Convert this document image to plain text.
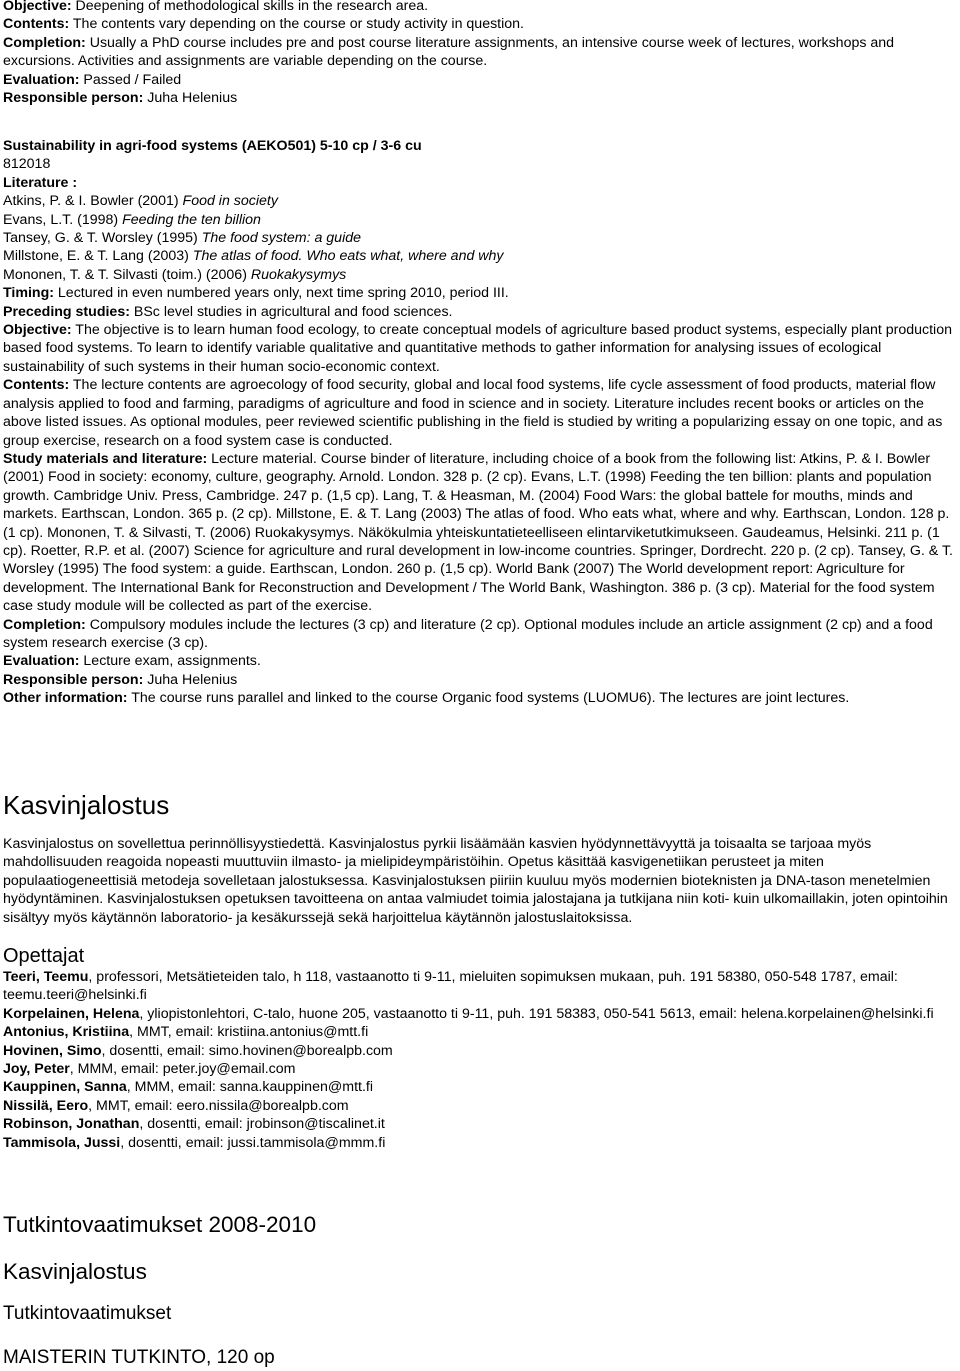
Objective: Deepening of methodological skills in the research area.

Contents: The contents vary depending on the course or study activity in question.

Completion: Usually a PhD course includes pre and post course literature assignments, an intensive course week of lectures, workshops and excursions. Activities and assignments are variable depending on the course.

Evaluation: Passed / Failed

Responsible person: Juha Helenius

Sustainability in agri-food systems (AEKO501) 5-10 cp / 3-6 cu

812018

Literature :

Atkins, P. & I. Bowler (2001) Food in society

Evans, L.T. (1998) Feeding the ten billion

Tansey, G. & T. Worsley (1995) The food system: a guide

Millstone, E. & T. Lang (2003) The atlas of food. Who eats what, where and why

Mononen, T. & T. Silvasti (toim.) (2006) Ruokakysymys

Timing: Lectured in even numbered years only, next time spring 2010, period III.

Preceding studies: BSc level studies in agricultural and food sciences.

Objective: The objective is to learn human food ecology, to create conceptual models of agriculture based product systems, especially plant production based food systems. To learn to identify variable qualitative and quantitative methods to gather information for analysing issues of ecological sustainability of such systems in their human socio-economic context.

Contents: The lecture contents are agroecology of food security, global and local food systems, life cycle assessment of food products, material flow analysis applied to food and farming, paradigms of agriculture and food in science and in society. Literature includes recent books or articles on the above listed issues. As optional modules, peer reviewed scientific publishing in the field is studied by writing a popularizing essay on one topic, and as group exercise, research on a food system case is conducted.

Study materials and literature: Lecture material. Course binder of literature, including choice of a book from the following list: Atkins, P. & I. Bowler (2001) Food in society: economy, culture, geography. Arnold. London. 328 p. (2 cp). Evans, L.T. (1998) Feeding the ten billion: plants and population growth. Cambridge Univ. Press, Cambridge. 247 p. (1,5 cp). Lang, T. & Heasman, M. (2004) Food Wars: the global battele for mouths, minds and markets. Earthscan, London. 365 p. (2 cp). Millstone, E. & T. Lang (2003) The atlas of food. Who eats what, where and why. Earthscan, London. 128 p. (1 cp). Mononen, T. & Silvasti, T. (2006) Ruokakysymys. Näkökulmia yhteiskuntatieteelliseen elintarviketutkimukseen. Gaudeamus, Helsinki. 211 p. (1 cp). Roetter, R.P. et al. (2007) Science for agriculture and rural development in low-income countries. Springer, Dordrecht. 220 p. (2 cp). Tansey, G. & T. Worsley (1995) The food system: a guide. Earthscan, London. 260 p. (1,5 cp). World Bank (2007) The World development report: Agriculture for development. The International Bank for Reconstruction and Development / The World Bank, Washington. 386 p. (3 cp). Material for the food system case study module will be collected as part of the exercise.

Completion: Compulsory modules include the lectures (3 cp) and literature (2 cp). Optional modules include an article assignment (2 cp) and a food system research exercise (3 cp).

Evaluation: Lecture exam, assignments.

Responsible person: Juha Helenius

Other information: The course runs parallel and linked to the course Organic food systems (LUOMU6). The lectures are joint lectures.

Kasvinjalostus

Kasvinjalostus on sovellettua perinnöllisyystiedettä. Kasvinjalostus pyrkii lisäämään kasvien hyödynnettävyyttä ja toisaalta se tarjoaa myös mahdollisuuden reagoida nopeasti muuttuviin ilmasto- ja mielipideympäristöihin. Opetus käsittää kasvigenetiikan perusteet ja miten populaatiogeneettisiä metodeja sovelletaan jalostuksessa. Kasvinjalostuksen piiriin kuuluu myös modernien bioteknisten ja DNA-tason menetelmien hyödyntäminen. Kasvinjalostuksen opetuksen tavoitteena on antaa valmiudet toimia jalostajana ja tutkijana niin koti- kuin ulkomaillakin, joten opintoihin sisältyy myös käytännön laboratorio- ja kesäkurssejä sekä harjoittelua käytännön jalostuslaitoksissa.

Opettajat

Teeri, Teemu, professori, Metsätieteiden talo, h 118, vastaanotto ti 9-11, mieluiten sopimuksen mukaan, puh. 191 58380, 050-548 1787, email: teemu.teeri@helsinki.fi

Korpelainen, Helena, yliopistonlehtori, C-talo, huone 205, vastaanotto ti 9-11, puh. 191 58383, 050-541 5613, email: helena.korpelainen@helsinki.fi

Antonius, Kristiina, MMT, email: kristiina.antonius@mtt.fi

Hovinen, Simo, dosentti, email: simo.hovinen@borealpb.com

Joy, Peter, MMM, email: peter.joy@email.com

Kauppinen, Sanna, MMM, email: sanna.kauppinen@mtt.fi

Nissilä, Eero, MMT, email: eero.nissila@borealpb.com

Robinson, Jonathan, dosentti, email: jrobinson@tiscalinet.it

Tammisola, Jussi, dosentti, email: jussi.tammisola@mmm.fi

Tutkintovaatimukset 2008-2010
Kasvinjalostus
Tutkintovaatimukset
MAISTERIN TUTKINTO, 120 op
